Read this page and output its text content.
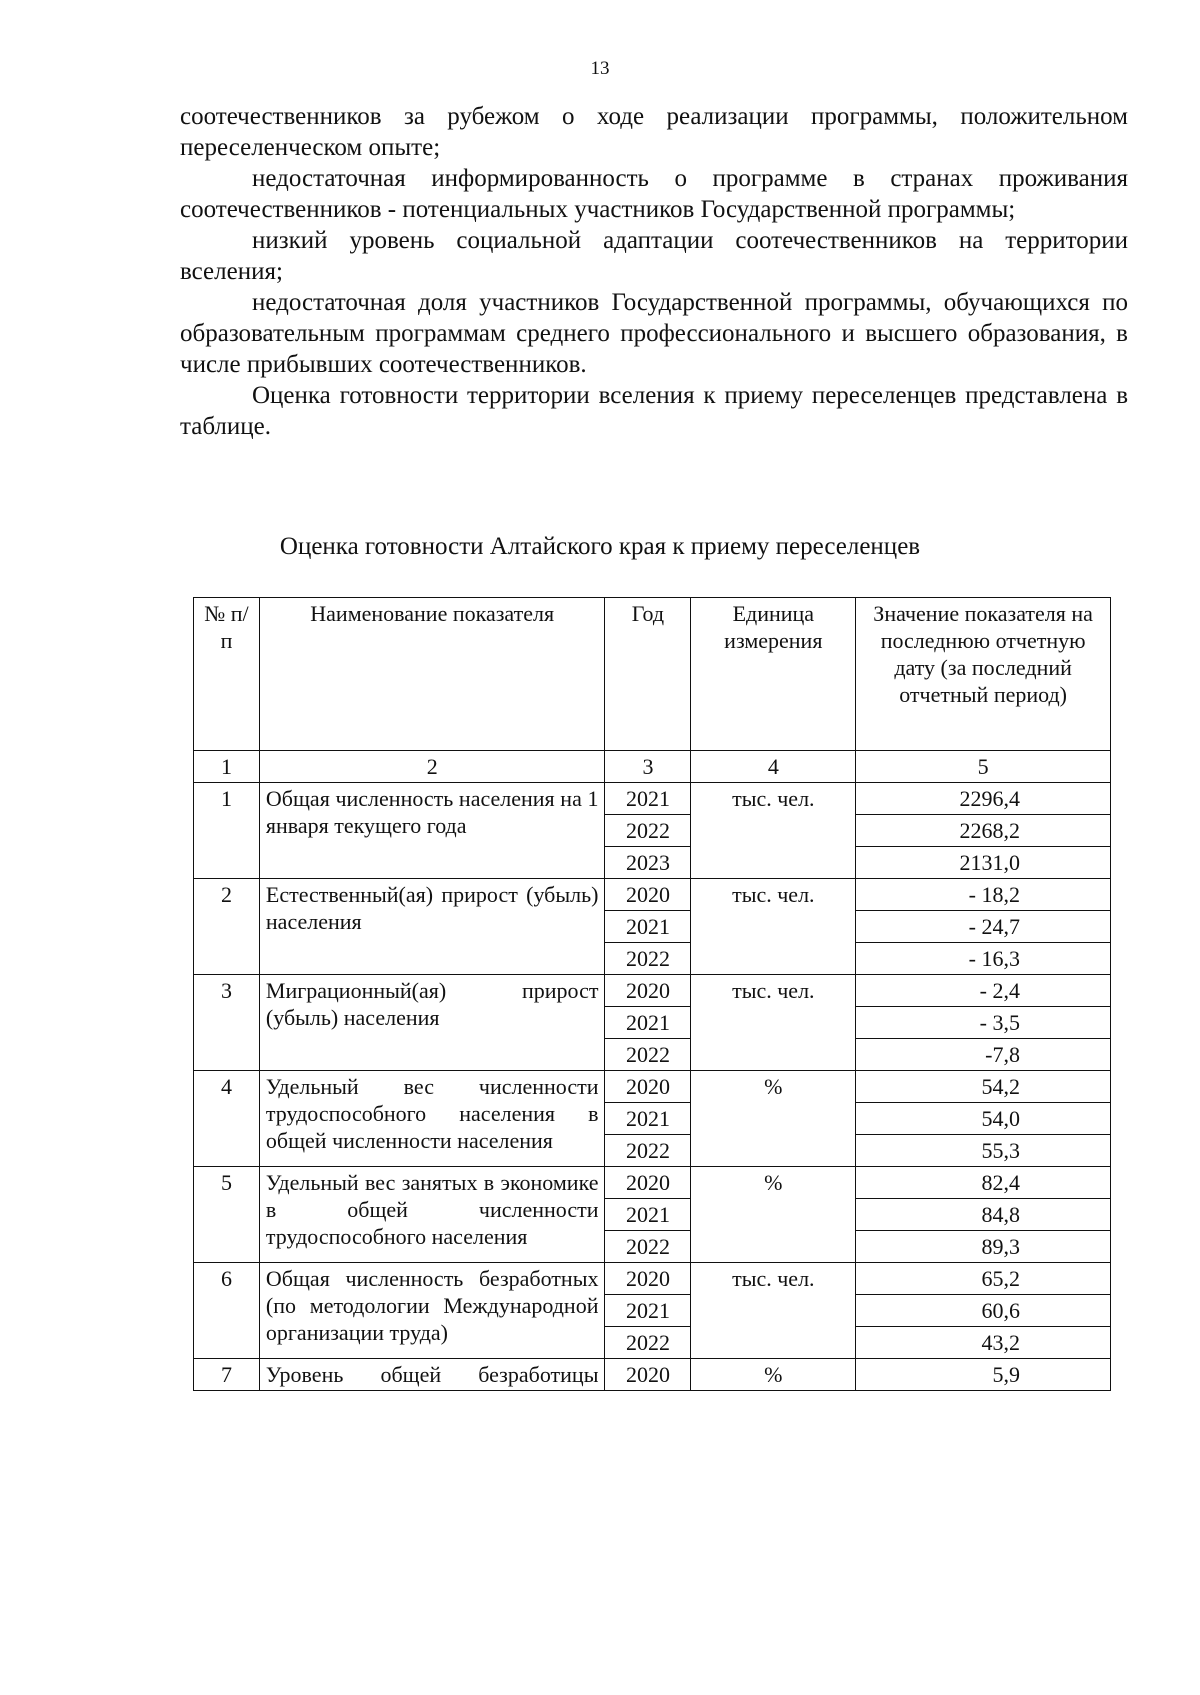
13

соотечественников за рубежом о ходе реализации программы, положительном переселенческом опыте;

недостаточная информированность о программе в странах проживания соотечественников - потенциальных участников Государственной программы;

низкий уровень социальной адаптации соотечественников на территории вселения;

недостаточная доля участников Государственной программы, обучающихся по образовательным программам среднего профессионального и высшего образования, в числе прибывших соотечественников.

Оценка готовности территории вселения к приему переселенцев представлена в таблице.

Оценка готовности Алтайского края к приему переселенцев
№ п/п	Наименование показателя	Год	Единица измерения	Значение показателя на последнюю отчетную дату (за последний отчетный период)
1	2	3	4	5
1	Общая численность населения на 1 января текущего года	2021	тыс. чел.	2296,4
		2022		2268,2
		2023		2131,0
2	Естественный(ая) прирост (убыль) населения	2020	тыс. чел.	- 18,2
		2021		- 24,7
		2022		- 16,3
3	Миграционный(ая) прирост (убыль) населения	2020	тыс. чел.	- 2,4
		2021		- 3,5
		2022		-7,8
4	Удельный вес численности трудоспособного населения в общей численности населения	2020	%	54,2
		2021		54,0
		2022		55,3
5	Удельный вес занятых в экономике в общей численности трудоспособного населения	2020	%	82,4
		2021		84,8
		2022		89,3
6	Общая численность безработных (по методологии Международной организации труда)	2020	тыс. чел.	65,2
		2021		60,6
		2022		43,2
7	Уровень общей безработицы	2020	%	5,9
